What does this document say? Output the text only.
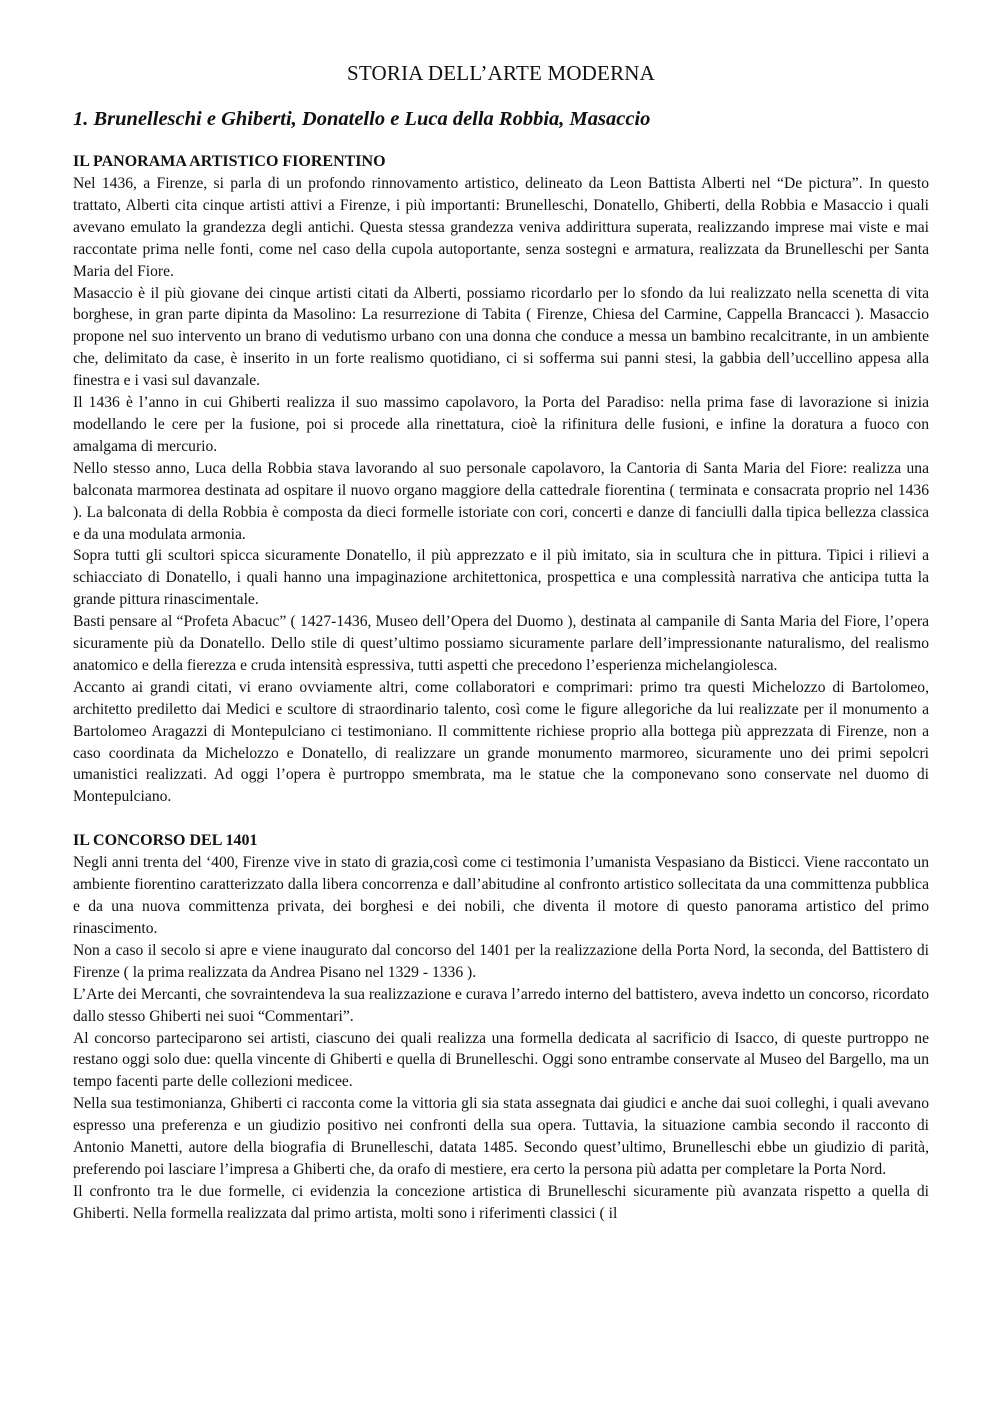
STORIA DELL’ARTE MODERNA
1. Brunelleschi e Ghiberti, Donatello e Luca della Robbia, Masaccio
IL PANORAMA ARTISTICO FIORENTINO

Nel 1436, a Firenze, si parla di un profondo rinnovamento artistico, delineato da Leon Battista Alberti nel “De pictura”. In questo trattato, Alberti cita cinque artisti attivi a Firenze, i più importanti: Brunelleschi, Donatello, Ghiberti, della Robbia e Masaccio i quali avevano emulato la grandezza degli antichi. Questa stessa grandezza veniva addirittura superata, realizzando imprese mai viste e mai raccontate prima nelle fonti, come nel caso della cupola autoportante, senza sostegni e armatura, realizzata da Brunelleschi per Santa Maria del Fiore.

Masaccio è il più giovane dei cinque artisti citati da Alberti, possiamo ricordarlo per lo sfondo da lui realizzato nella scenetta di vita borghese, in gran parte dipinta da Masolino: La resurrezione di Tabita ( Firenze, Chiesa del Carmine, Cappella Brancacci ). Masaccio propone nel suo intervento un brano di vedutismo urbano con una donna che conduce a messa un bambino recalcitrante, in un ambiente che, delimitato da case, è inserito in un forte realismo quotidiano, ci si sofferma sui panni stesi, la gabbia dell’uccellino appesa alla finestra e i vasi sul davanzale.

Il 1436 è l’anno in cui Ghiberti realizza il suo massimo capolavoro, la Porta del Paradiso: nella prima fase di lavorazione si inizia modellando le cere per la fusione, poi si procede alla rinettatura, cioè la rifinitura delle fusioni, e infine la doratura a fuoco con amalgama di mercurio.

Nello stesso anno, Luca della Robbia stava lavorando al suo personale capolavoro, la Cantoria di Santa Maria del Fiore: realizza una balconata marmorea destinata ad ospitare il nuovo organo maggiore della cattedrale fiorentina ( terminata e consacrata proprio nel 1436 ). La balconata di della Robbia è composta da dieci formelle istoriate con cori, concerti e danze di fanciulli dalla tipica bellezza classica e da una modulata armonia.

Sopra tutti gli scultori spicca sicuramente Donatello, il più apprezzato e il più imitato, sia in scultura che in pittura. Tipici i rilievi a schiacciato di Donatello, i quali hanno una impaginazione architettonica, prospettica e una complessità narrativa che anticipa tutta la grande pittura rinascimentale.

Basti pensare al “Profeta Abacuc” ( 1427-1436, Museo dell’Opera del Duomo ), destinata al campanile di Santa Maria del Fiore, l’opera sicuramente più da Donatello. Dello stile di quest’ultimo possiamo sicuramente parlare dell’impressionante naturalismo, del realismo anatomico e della fierezza e cruda intensità espressiva, tutti aspetti che precedono l’esperienza michelangiolesca.

Accanto ai grandi citati, vi erano ovviamente altri, come collaboratori e comprimari: primo tra questi Michelozzo di Bartolomeo, architetto prediletto dai Medici e scultore di straordinario talento, così come le figure allegoriche da lui realizzate per il monumento a Bartolomeo Aragazzi di Montepulciano ci testimoniano. Il committente richiese proprio alla bottega più apprezzata di Firenze, non a caso coordinata da Michelozzo e Donatello, di realizzare un grande monumento marmoreo, sicuramente uno dei primi sepolcri umanistici realizzati. Ad oggi l’opera è purtroppo smembrata, ma le statue che la componevano sono conservate nel duomo di Montepulciano.

IL CONCORSO DEL 1401

Negli anni trenta del ‘400, Firenze vive in stato di grazia,così come ci testimonia l’umanista Vespasiano da Bisticci. Viene raccontato un ambiente fiorentino caratterizzato dalla libera concorrenza e dall’abitudine al confronto artistico sollecitata da una committenza pubblica e da una nuova committenza privata, dei borghesi e dei nobili, che diventa il motore di questo panorama artistico del primo rinascimento.

Non a caso il secolo si apre e viene inaugurato dal concorso del 1401 per la realizzazione della Porta Nord, la seconda, del Battistero di Firenze ( la prima realizzata da Andrea Pisano nel 1329 - 1336 ).

L’Arte dei Mercanti, che sovraintendeva la sua realizzazione e curava l’arredo interno del battistero, aveva indetto un concorso, ricordato dallo stesso Ghiberti nei suoi “Commentari”.

Al concorso parteciparono sei artisti, ciascuno dei quali realizza una formella dedicata al sacrificio di Isacco, di queste purtroppo ne restano oggi solo due: quella vincente di Ghiberti e quella di Brunelleschi. Oggi sono entrambe conservate al Museo del Bargello, ma un tempo facenti parte delle collezioni medicee.

Nella sua testimonianza, Ghiberti ci racconta come la vittoria gli sia stata assegnata dai giudici e anche dai suoi colleghi, i quali avevano espresso una preferenza e un giudizio positivo nei confronti della sua opera. Tuttavia, la situazione cambia secondo il racconto di Antonio Manetti, autore della biografia di Brunelleschi, datata 1485. Secondo quest’ultimo, Brunelleschi ebbe un giudizio di parità, preferendo poi lasciare l’impresa a Ghiberti che, da orafo di mestiere, era certo la persona più adatta per completare la Porta Nord.

Il confronto tra le due formelle, ci evidenzia la concezione artistica di Brunelleschi sicuramente più avanzata rispetto a quella di Ghiberti. Nella formella realizzata dal primo artista, molti sono i riferimenti classici ( il
